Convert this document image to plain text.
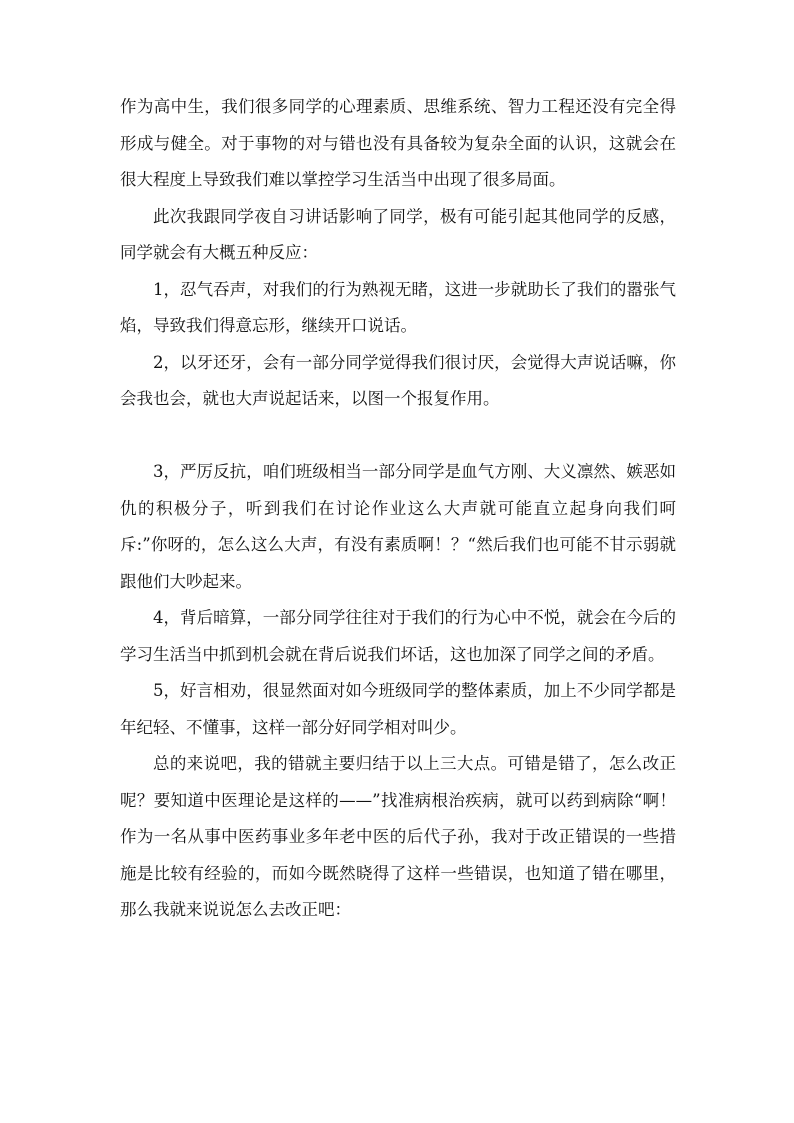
作为高中生，我们很多同学的心理素质、思维系统、智力工程还没有完全得形成与健全。对于事物的对与错也没有具备较为复杂全面的认识，这就会在很大程度上导致我们难以掌控学习生活当中出现了很多局面。

此次我跟同学夜自习讲话影响了同学，极有可能引起其他同学的反感，同学就会有大概五种反应：

1，忍气吞声，对我们的行为熟视无睹，这进一步就助长了我们的嚣张气焰，导致我们得意忘形，继续开口说话。

2，以牙还牙，会有一部分同学觉得我们很讨厌，会觉得大声说话嘛，你会我也会，就也大声说起话来，以图一个报复作用。

3，严厉反抗，咱们班级相当一部分同学是血气方刚、大义凛然、嫉恶如仇的积极分子，听到我们在讨论作业这么大声就可能直立起身向我们呵斥:”你呀的，怎么这么大声，有没有素质啊！？“然后我们也可能不甘示弱就跟他们大吵起来。

4，背后暗算，一部分同学往往对于我们的行为心中不悦，就会在今后的学习生活当中抓到机会就在背后说我们坏话，这也加深了同学之间的矛盾。

5，好言相劝，很显然面对如今班级同学的整体素质，加上不少同学都是年纪轻、不懂事，这样一部分好同学相对叫少。

总的来说吧，我的错就主要归结于以上三大点。可错是错了，怎么改正呢？要知道中医理论是这样的——”找准病根治疾病，就可以药到病除“啊！作为一名从事中医药事业多年老中医的后代子孙，我对于改正错误的一些措施是比较有经验的，而如今既然晓得了这样一些错误，也知道了错在哪里，那么我就来说说怎么去改正吧：
